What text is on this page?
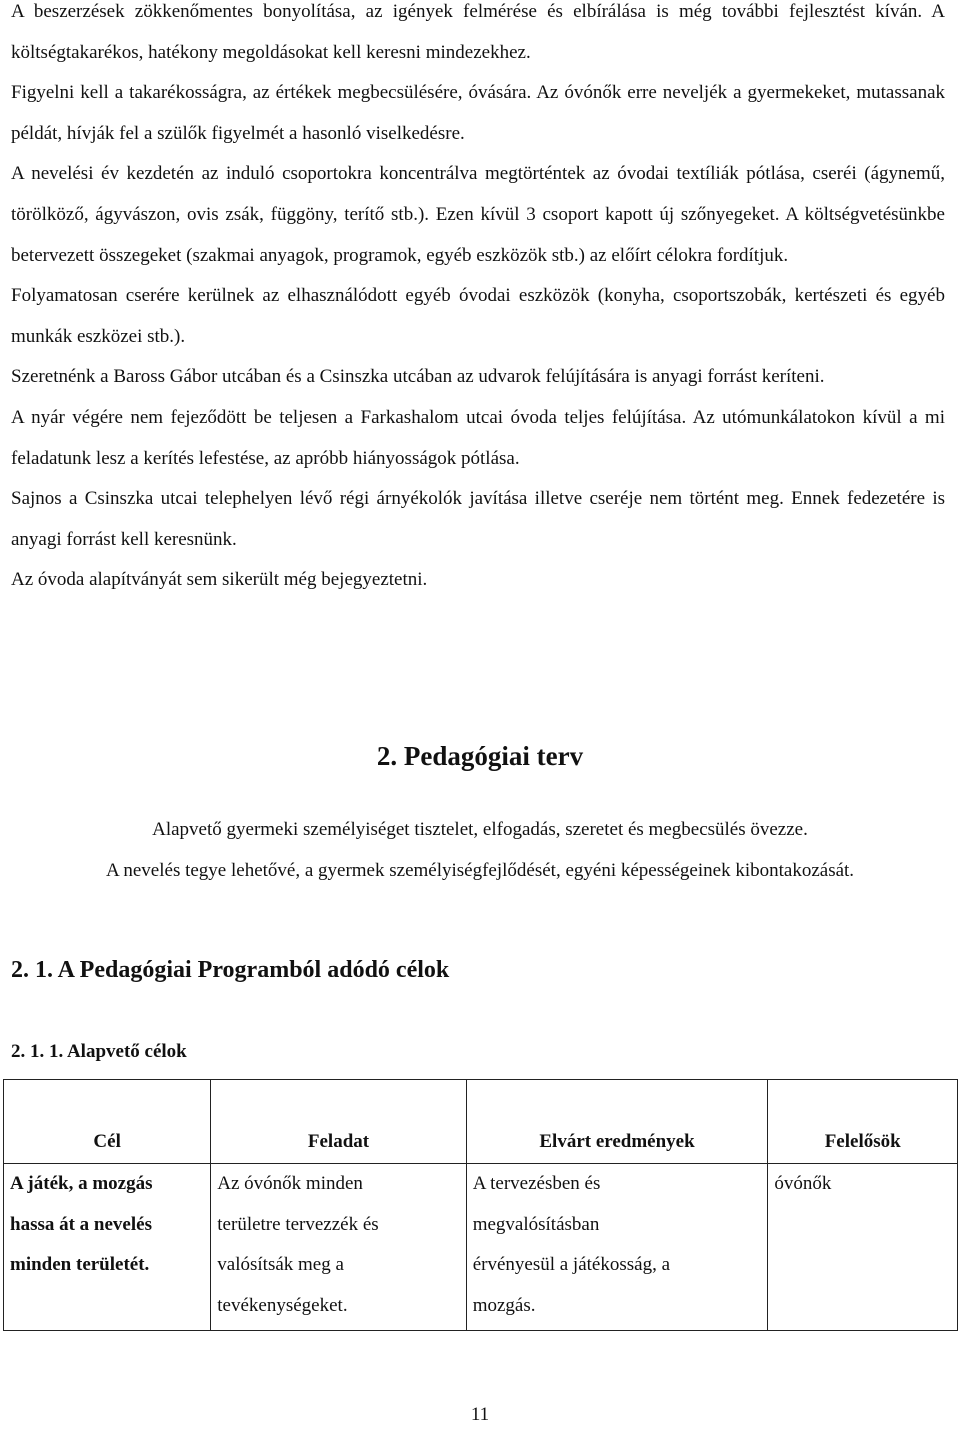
A beszerzések zökkenőmentes bonyolítása, az igények felmérése és elbírálása is még további fejlesztést kíván. A költségtakarékos, hatékony megoldásokat kell keresni mindezekhez.

Figyelni kell a takarékosságra, az értékek megbecsülésére, óvására. Az óvónők erre neveljék a gyermekeket, mutassanak példát, hívják fel a szülők figyelmét a hasonló viselkedésre.

A nevelési év kezdetén az induló csoportokra koncentrálva megtörténtek az óvodai textíliák pótlása, cseréi (ágynemű, törölköző, ágyvászon, ovis zsák, függöny, terítő stb.). Ezen kívül 3 csoport kapott új szőnyegeket. A költségvetésünkbe betervezett összegeket (szakmai anyagok, programok, egyéb eszközök stb.) az előírt célokra fordítjuk.

Folyamatosan cserére kerülnek az elhasználódott egyéb óvodai eszközök (konyha, csoportszobák, kertészeti és egyéb munkák eszközei stb.).

Szeretnénk a Baross Gábor utcában és a Csinszka utcában az udvarok felújítására is anyagi forrást keríteni.

A nyár végére nem fejeződött be teljesen a Farkashalom utcai óvoda teljes felújítása. Az utómunkálatokon kívül a mi feladatunk lesz a kerítés lefestése, az apróbb hiányosságok pótlása.

Sajnos a Csinszka utcai telephelyen lévő régi árnyékolók javítása illetve cseréje nem történt meg. Ennek fedezetére is anyagi forrást kell keresnünk.

Az óvoda alapítványát sem sikerült még bejegyeztetni.

2. Pedagógiai terv

Alapvető gyermeki személyiséget tisztelet, elfogadás, szeretet és megbecsülés övezze.

A nevelés tegye lehetővé, a gyermek személyiségfejlődését, egyéni képességeinek kibontakozását.

2. 1. A Pedagógiai Programból adódó célok
2. 1. 1. Alapvető célok
Cél	Feladat	Elvárt eredmények	Felelősök

A játék, a mozgás
hassa át a nevelés
minden területét.	Az óvónők minden
területre tervezzék és
valósítsák meg a
tevékenységeket.	A tervezésben és
megvalósításban
érvényesül a játékosság, a
mozgás.	óvónők
11
